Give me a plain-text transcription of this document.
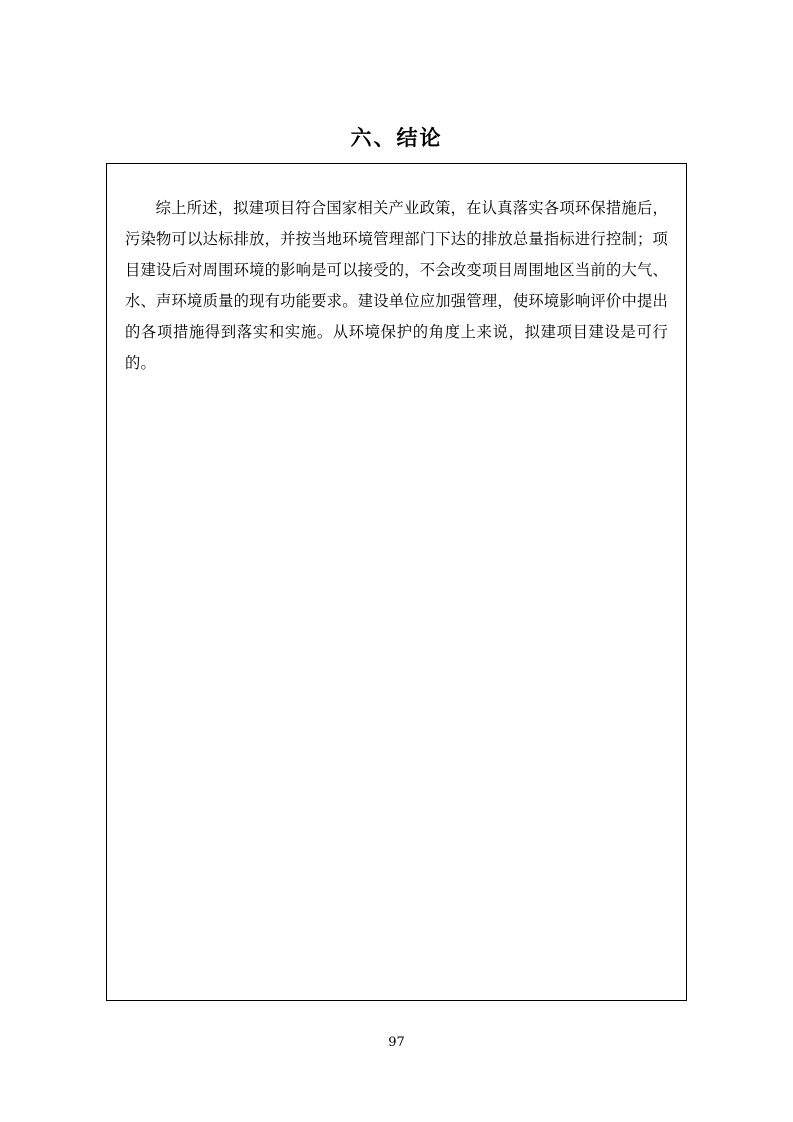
六、结论

综上所述，拟建项目符合国家相关产业政策，在认真落实各项环保措施后，污染物可以达标排放，并按当地环境管理部门下达的排放总量指标进行控制；项目建设后对周围环境的影响是可以接受的，不会改变项目周围地区当前的大气、水、声环境质量的现有功能要求。建设单位应加强管理，使环境影响评价中提出的各项措施得到落实和实施。从环境保护的角度上来说，拟建项目建设是可行的。

97
